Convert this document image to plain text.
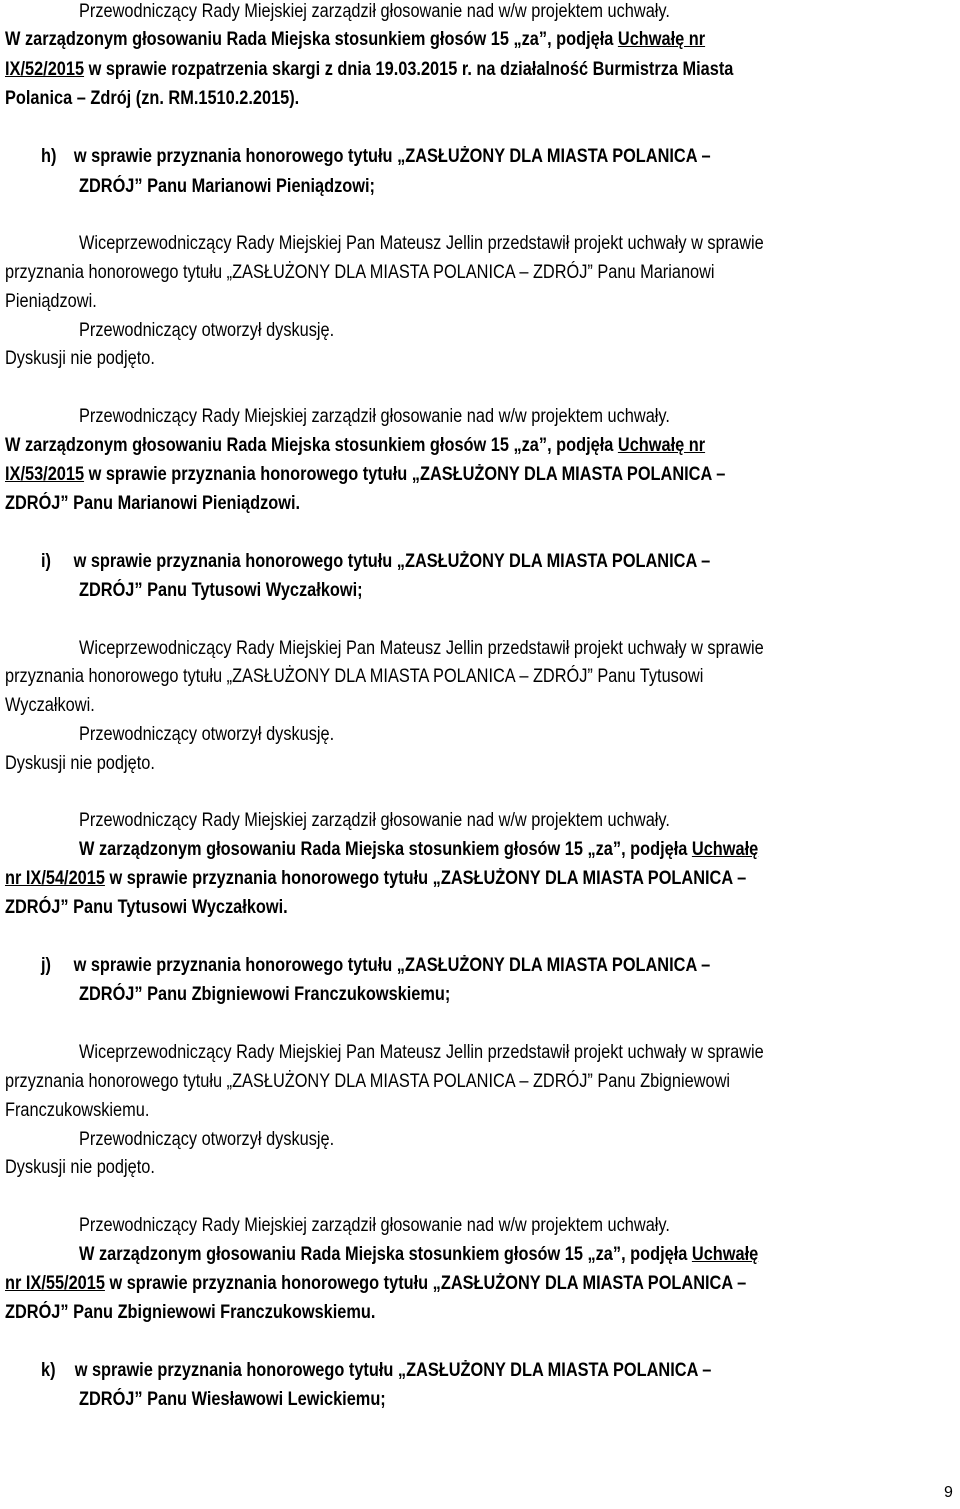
Przewodniczący Rady Miejskiej zarządził głosowanie nad w/w projektem uchwały.
W zarządzonym głosowaniu Rada Miejska stosunkiem głosów 15 „za”, podjęła Uchwałę nr
IX/52/2015 w sprawie rozpatrzenia skargi z dnia 19.03.2015 r. na działalność Burmistrza Miasta
Polanica – Zdrój (zn. RM.1510.2.2015).
h) w sprawie przyznania honorowego tytułu „ZASŁUŻONY DLA MIASTA POLANICA –
ZDRÓJ” Panu Marianowi Pieniądzowi;
Wiceprzewodniczący Rady Miejskiej Pan Mateusz Jellin przedstawił projekt uchwały w sprawie
przyznania honorowego tytułu „ZASŁUŻONY DLA MIASTA POLANICA – ZDRÓJ” Panu Marianowi
Pieniądzowi.
Przewodniczący otworzył dyskusję.
Dyskusji nie podjęto.
Przewodniczący Rady Miejskiej zarządził głosowanie nad w/w projektem uchwały.
W zarządzonym głosowaniu Rada Miejska stosunkiem głosów 15 „za”, podjęła Uchwałę nr
IX/53/2015 w sprawie przyznania honorowego tytułu „ZASŁUŻONY DLA MIASTA POLANICA –
ZDRÓJ” Panu Marianowi Pieniądzowi.
i) w sprawie przyznania honorowego tytułu „ZASŁUŻONY DLA MIASTA POLANICA –
ZDRÓJ” Panu Tytusowi Wyczałkowi;
Wiceprzewodniczący Rady Miejskiej Pan Mateusz Jellin przedstawił projekt uchwały w sprawie
przyznania honorowego tytułu „ZASŁUŻONY DLA MIASTA POLANICA – ZDRÓJ” Panu Tytusowi
Wyczałkowi.
Przewodniczący otworzył dyskusję.
Dyskusji nie podjęto.
Przewodniczący Rady Miejskiej zarządził głosowanie nad w/w projektem uchwały.
W zarządzonym głosowaniu Rada Miejska stosunkiem głosów 15 „za”, podjęła Uchwałę
nr IX/54/2015 w sprawie przyznania honorowego tytułu „ZASŁUŻONY DLA MIASTA POLANICA –
ZDRÓJ” Panu Tytusowi Wyczałkowi.
j) w sprawie przyznania honorowego tytułu „ZASŁUŻONY DLA MIASTA POLANICA –
ZDRÓJ” Panu Zbigniewowi Franczukowskiemu;
Wiceprzewodniczący Rady Miejskiej Pan Mateusz Jellin przedstawił projekt uchwały w sprawie
przyznania honorowego tytułu „ZASŁUŻONY DLA MIASTA POLANICA – ZDRÓJ” Panu Zbigniewowi
Franczukowskiemu.
Przewodniczący otworzył dyskusję.
Dyskusji nie podjęto.
Przewodniczący Rady Miejskiej zarządził głosowanie nad w/w projektem uchwały.
W zarządzonym głosowaniu Rada Miejska stosunkiem głosów 15 „za”, podjęła Uchwałę
nr IX/55/2015 w sprawie przyznania honorowego tytułu „ZASŁUŻONY DLA MIASTA POLANICA –
ZDRÓJ” Panu Zbigniewowi Franczukowskiemu.
k) w sprawie przyznania honorowego tytułu „ZASŁUŻONY DLA MIASTA POLANICA –
ZDRÓJ” Panu Wiesławowi Lewickiemu;
9
